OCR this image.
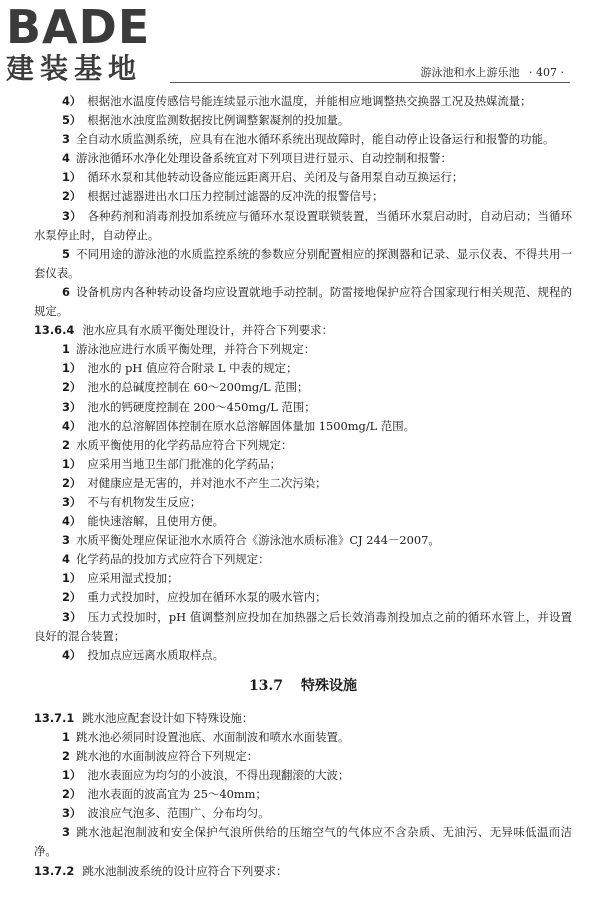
BADE
建装基地	游泳池和水上游乐池 · 407 ·
4） 根据池水温度传感信号能连续显示池水温度，并能相应地调整热交换器工况及热媒流量；
5） 根据池水浊度监测数据按比例调整絮凝剂的投加量。
3 全自动水质监测系统，应具有在池水循环系统出现故障时，能自动停止设备运行和报警的功能。
4 游泳池循环水净化处理设备系统宜对下列项目进行显示、自动控制和报警：
1） 循环水泵和其他转动设备应能远距离开启、关闭及与备用泵自动互换运行；
2） 根据过滤器进出水口压力控制过滤器的反冲洗的报警信号；
3） 各种药剂和消毒剂投加系统应与循环水泵设置联锁装置，当循环水泵启动时，自动启动；当循环水泵停止时，自动停止。
5 不同用途的游泳池的水质监控系统的参数应分别配置相应的探测器和记录、显示仪表、不得共用一套仪表。
6 设备机房内各种转动设备均应设置就地手动控制。防雷接地保护应符合国家现行相关规范、规程的规定。
13.6.4 池水应具有水质平衡处理设计，并符合下列要求：
1 游泳池应进行水质平衡处理，并符合下列规定：
1） 池水的 pH 值应符合附录 L 中表的规定；
2） 池水的总碱度控制在 60～200mg/L 范围；
3） 池水的钙硬度控制在 200～450mg/L 范围；
4） 池水的总溶解固体控制在原水总溶解固体量加 1500mg/L 范围。
2 水质平衡使用的化学药品应符合下列规定：
1） 应采用当地卫生部门批准的化学药品；
2） 对健康应是无害的，并对池水不产生二次污染；
3） 不与有机物发生反应；
4） 能快速溶解，且使用方便。
3 水质平衡处理应保证池水水质符合《游泳池水质标准》CJ 244－2007。
4 化学药品的投加方式应符合下列规定：
1） 应采用湿式投加；
2） 重力式投加时，应投加在循环水泵的吸水管内；
3） 压力式投加时，pH 值调整剂应投加在加热器之后长效消毒剂投加点之前的循环水管上，并设置良好的混合装置；
4） 投加点应远离水质取样点。
13.7 特殊设施
13.7.1 跳水池应配套设计如下特殊设施：
1 跳水池必须同时设置池底、水面制波和喷水水面装置。
2 跳水池的水面制波应符合下列规定：
1） 池水表面应为均匀的小波浪，不得出现翻滚的大波；
2） 池水表面的波高宜为 25～40mm；
3） 波浪应气泡多、范围广、分布均匀。
3 跳水池起泡制波和安全保护气浪所供给的压缩空气的气体应不含杂质、无油污、无异味低温而洁净。
13.7.2 跳水池制波系统的设计应符合下列要求：
